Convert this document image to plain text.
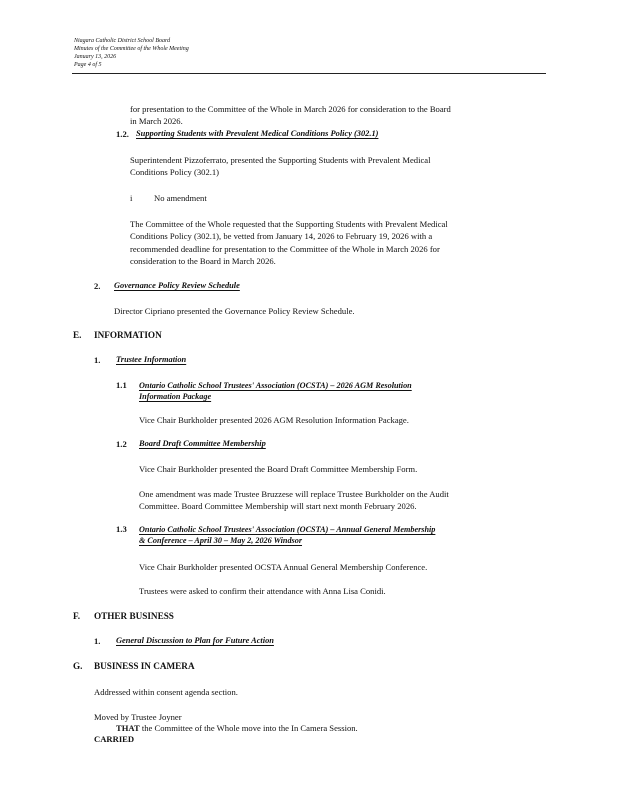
Niagara Catholic District School Board
Minutes of the Committee of the Whole Meeting
January 13, 2026
Page 4 of 5
for presentation to the Committee of the Whole in March 2026 for consideration to the Board
in March 2026.
1.2. Supporting Students with Prevalent Medical Conditions Policy (302.1)
Superintendent Pizzoferrato, presented the Supporting Students with Prevalent Medical
Conditions Policy (302.1)
i	No amendment
The Committee of the Whole requested that the Supporting Students with Prevalent Medical
Conditions Policy (302.1), be vetted from January 14, 2026 to February 19, 2026 with a
recommended deadline for presentation to the Committee of the Whole in March 2026 for
consideration to the Board in March 2026.
2. Governance Policy Review Schedule
Director Cipriano presented the Governance Policy Review Schedule.
E. INFORMATION
1. Trustee Information
1.1 Ontario Catholic School Trustees' Association (OCSTA) – 2026 AGM Resolution
Information Package
Vice Chair Burkholder presented 2026 AGM Resolution Information Package.
1.2 Board Draft Committee Membership
Vice Chair Burkholder presented the Board Draft Committee Membership Form.
One amendment was made Trustee Bruzzese will replace Trustee Burkholder on the Audit
Committee. Board Committee Membership will start next month February 2026.
1.3 Ontario Catholic School Trustees' Association (OCSTA) – Annual General Membership
& Conference – April 30 – May 2, 2026 Windsor
Vice Chair Burkholder presented OCSTA Annual General Membership Conference.
Trustees were asked to confirm their attendance with Anna Lisa Conidi.
F. OTHER BUSINESS
1. General Discussion to Plan for Future Action
G. BUSINESS IN CAMERA
Addressed within consent agenda section.
Moved by Trustee Joyner
THAT the Committee of the Whole move into the In Camera Session.
CARRIED
